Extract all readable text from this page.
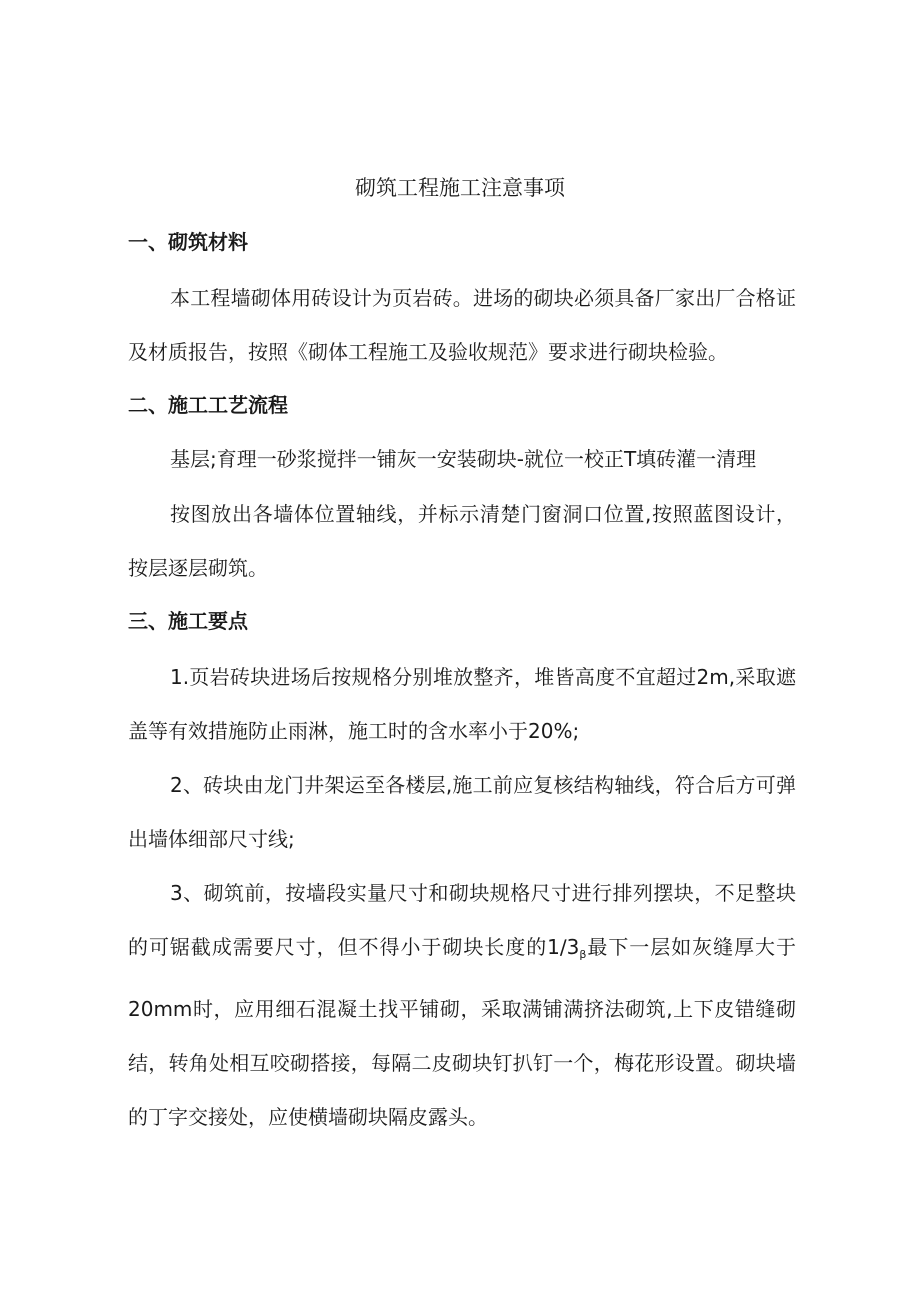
砌筑工程施工注意事项
一、砌筑材料

本工程墙砌体用砖设计为页岩砖。进场的砌块必须具备厂家出厂合格证及材质报告，按照《砌体工程施工及验收规范》要求进行砌块检验。

二、施工工艺流程

基层;育理一砂浆搅拌一铺灰一安装砌块-就位一校正T填砖灌一清理

按图放出各墙体位置轴线，并标示清楚门窗洞口位置,按照蓝图设计，按层逐层砌筑。

三、施工要点

1.页岩砖块进场后按规格分别堆放整齐，堆皆高度不宜超过2m,采取遮盖等有效措施防止雨淋，施工时的含水率小于20%;

2、砖块由龙门井架运至各楼层,施工前应复核结构轴线，符合后方可弹出墙体细部尺寸线;

3、砌筑前，按墙段实量尺寸和砌块规格尺寸进行排列摆块，不足整块的可锯截成需要尺寸，但不得小于砌块长度的$1∕3_\beta$最下一层如灰缝厚大于20mm时，应用细石混凝土找平铺砌，采取满铺满挤法砌筑,上下皮错缝砌结，转角处相互咬砌搭接，每隔二皮砌块钉扒钉一个，梅花形设置。砌块墙的丁字交接处，应使横墙砌块隔皮露头。
